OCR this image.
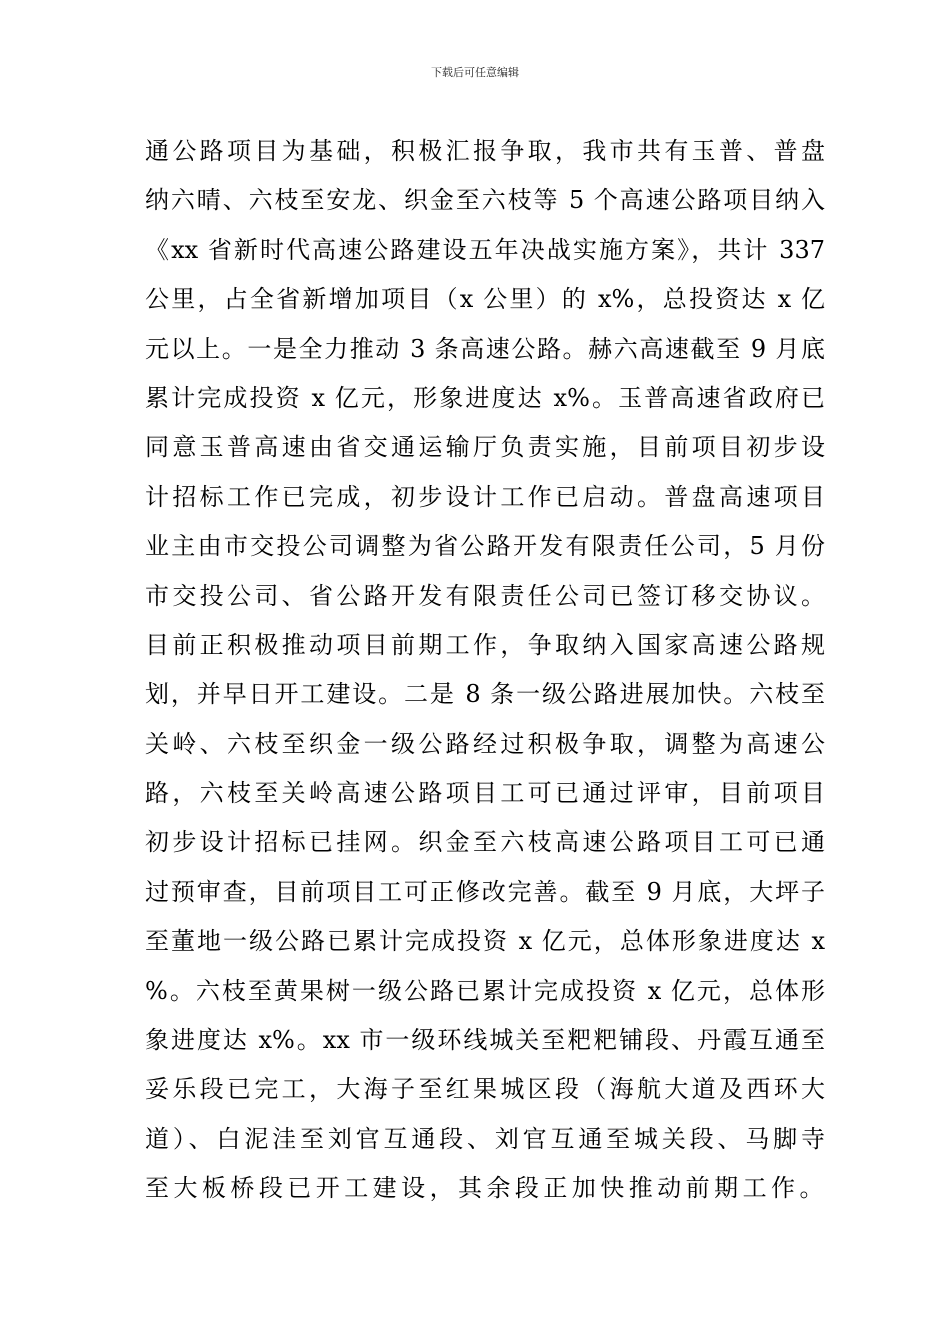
下载后可任意编辑
通公路项目为基础，积极汇报争取，我市共有玉普、普盘
纳六晴、六枝至安龙、织金至六枝等 5 个高速公路项目纳入
《xx 省新时代高速公路建设五年决战实施方案》，共计 337
公里，占全省新增加项目（x 公里）的 x%，总投资达 x 亿
元以上。一是全力推动 3 条高速公路。赫六高速截至 9 月底
累计完成投资 x 亿元，形象进度达 x%。玉普高速省政府已
同意玉普高速由省交通运输厅负责实施，目前项目初步设
计招标工作已完成，初步设计工作已启动。普盘高速项目
业主由市交投公司调整为省公路开发有限责任公司，5 月份
市交投公司、省公路开发有限责任公司已签订移交协议。
目前正积极推动项目前期工作，争取纳入国家高速公路规
划，并早日开工建设。二是 8 条一级公路进展加快。六枝至
关岭、六枝至织金一级公路经过积极争取，调整为高速公
路，六枝至关岭高速公路项目工可已通过评审，目前项目
初步设计招标已挂网。织金至六枝高速公路项目工可已通
过预审查，目前项目工可正修改完善。截至 9 月底，大坪子
至董地一级公路已累计完成投资 x 亿元，总体形象进度达 x
%。六枝至黄果树一级公路已累计完成投资 x 亿元，总体形
象进度达 x%。xx 市一级环线城关至粑粑铺段、丹霞互通至
妥乐段已完工，大海子至红果城区段（海航大道及西环大
道）、白泥洼至刘官互通段、刘官互通至城关段、马脚寺
至大板桥段已开工建设，其余段正加快推动前期工作。
